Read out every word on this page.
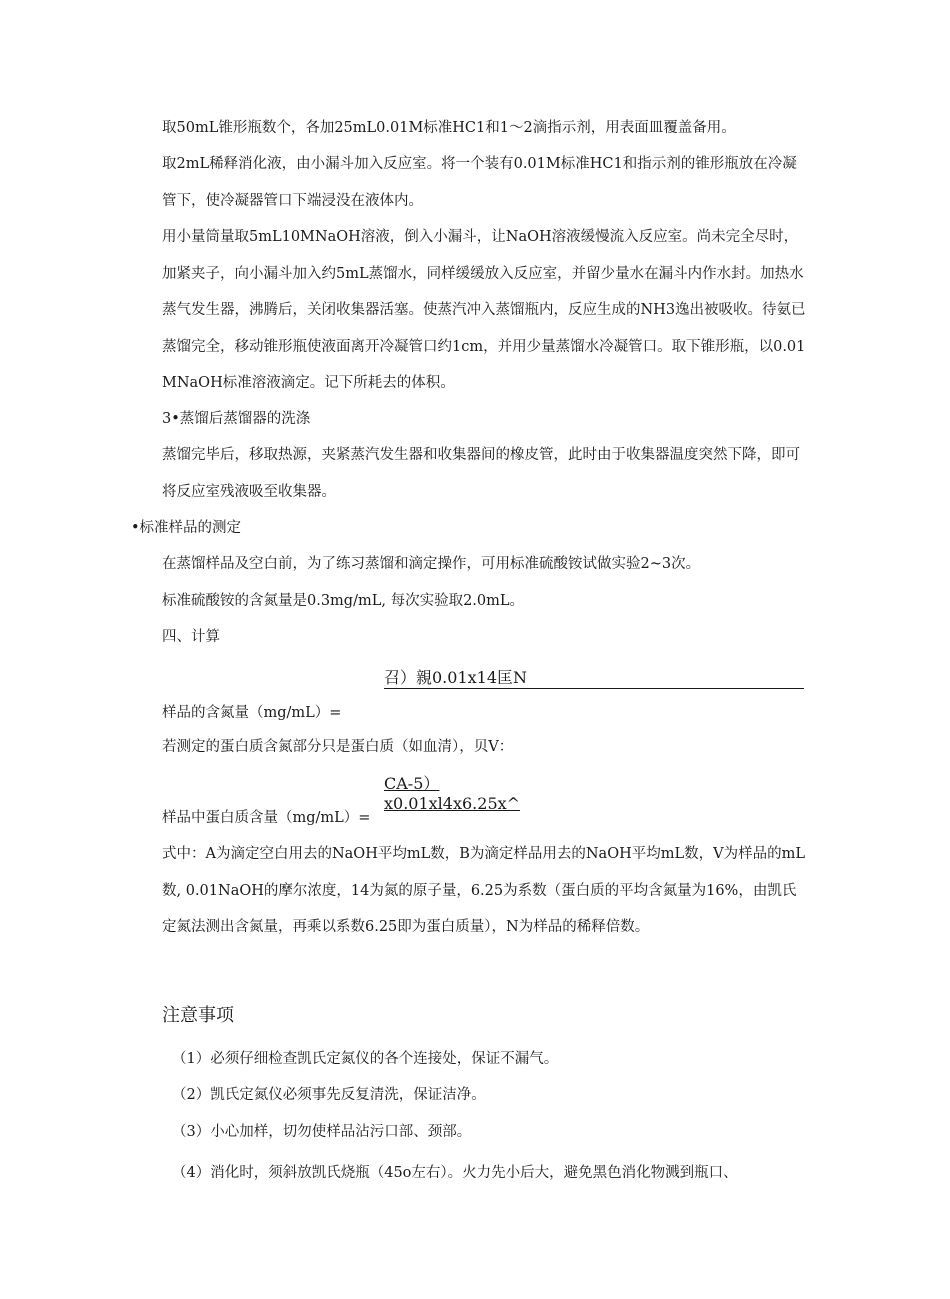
取50mL锥形瓶数个，各加25mL0.01M标准HC1和1〜2滴指示剂，用表面皿覆盖备用。

取2mL稀释消化液，由小漏斗加入反应室。将一个装有0.01M标准HC1和指示剂的锥形瓶放在冷凝管下，使冷凝器管口下端浸没在液体内。

用小量筒量取5mL10MNaOH溶液，倒入小漏斗，让NaOH溶液缓慢流入反应室。尚未完全尽时，加紧夹子，向小漏斗加入约5mL蒸馏水，同样缓缓放入反应室，并留少量水在漏斗内作水封。加热水蒸气发生器，沸腾后，关闭收集器活塞。使蒸汽冲入蒸馏瓶内，反应生成的NH3逸出被吸收。待氨已蒸馏完全，移动锥形瓶使液面离开冷凝管口约1cm，并用少量蒸馏水冷凝管口。取下锥形瓶，以0.01MNaOH标准溶液滴定。记下所耗去的体积。

3•蒸馏后蒸馏器的洗涤

蒸馏完毕后，移取热源，夹紧蒸汽发生器和收集器间的橡皮管，此时由于收集器温度突然下降，即可将反应室残液吸至收集器。

•标准样品的测定

在蒸馏样品及空白前，为了练习蒸馏和滴定操作，可用标准硫酸铵试做实验2~3次。

标准硫酸铵的含氮量是0.3mg/mL, 每次实验取2.0mL。

四、计算

召）親0.01x14匡N

样品的含氮量（mg/mL）=

若测定的蛋白质含氮部分只是蛋白质（如血清），贝V：

CA-5）x0.01xl4x6.25x^

样品中蛋白质含量（mg/mL）=

式中：A为滴定空白用去的NaOH平均mL数，B为滴定样品用去的NaOH平均mL数，V为样品的mL数, 0.01NaOH的摩尔浓度，14为氮的原子量，6.25为系数（蛋白质的平均含氮量为16%，由凯氏定氮法测出含氮量，再乘以系数6.25即为蛋白质量），N为样品的稀释倍数。

注意事项

（1）必须仔细检查凯氏定氮仪的各个连接处，保证不漏气。

（2）凯氏定氮仪必须事先反复清洗，保证洁净。

（3）小心加样，切勿使样品沾污口部、颈部。

（4）消化时，须斜放凯氏烧瓶（45o左右）。火力先小后大，避免黑色消化物溅到瓶口、
